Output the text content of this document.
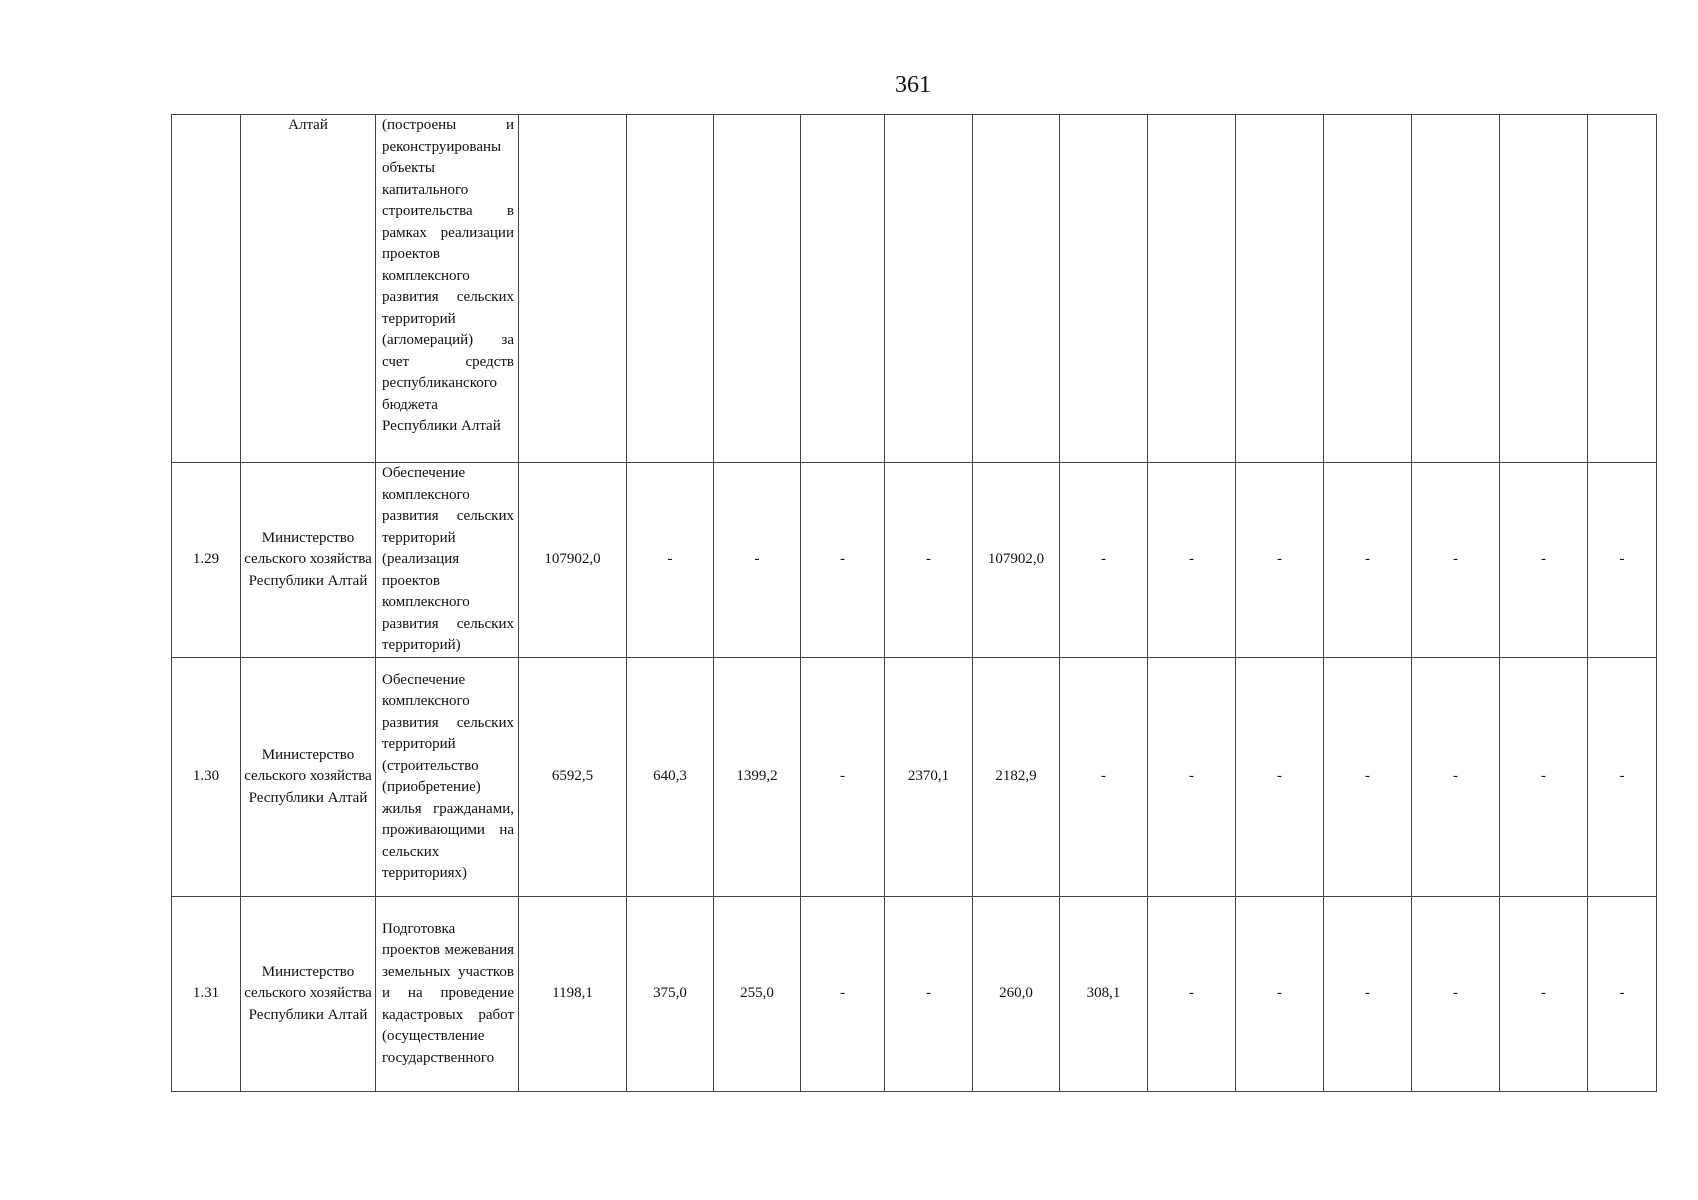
361
	Алтай	(построены и реконструированы объекты капитального строительства в рамках реализации проектов комплексного развития сельских территорий (агломераций) за счет средств республиканского бюджета Республики Алтай													

1.29	Министерство сельского хозяйства Республики Алтай	Обеспечение комплексного развития сельских территорий (реализация проектов комплексного развития сельских территорий)	107902,0	-	-	-	-	107902,0	-	-	-	-	-	-	-
1.30	Министерство сельского хозяйства Республики Алтай	Обеспечение комплексного развития сельских территорий (строительство (приобретение) жилья гражданами, проживающими на сельских территориях)	6592,5	640,3	1399,2	-	2370,1	2182,9	-	-	-	-	-	-	-
1.31	Министерство сельского хозяйства Республики Алтай	Подготовка проектов межевания земельных участков и на проведение кадастровых работ (осуществление государственного	1198,1	375,0	255,0	-	-	260,0	308,1	-	-	-	-	-	-
